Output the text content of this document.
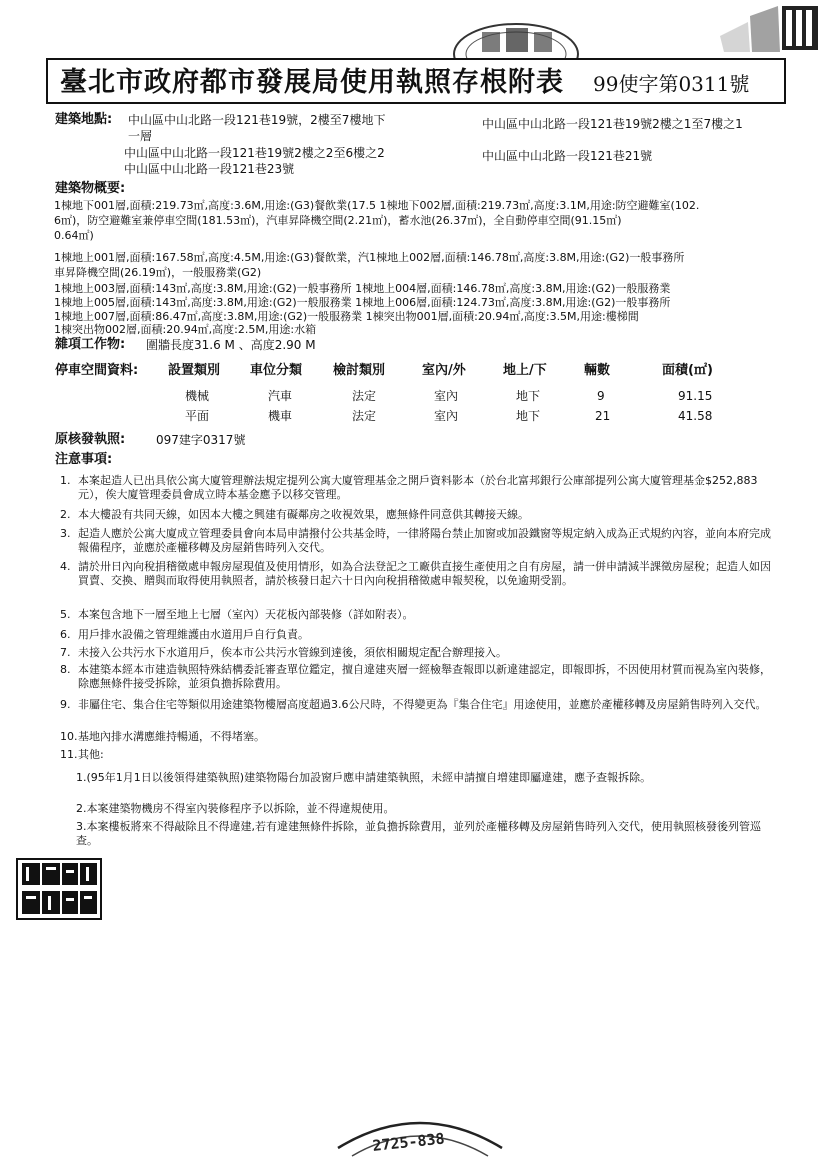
臺北市政府都市發展局使用執照存根附表 99使字第0311號
建築地點: 中山區中山北路一段121巷19號，2樓至7樓地下
一層
中山區中山北路一段121巷19號2樓之1至7樓之1
中山區中山北路一段121巷19號2樓之2至6樓之2	中山區中山北路一段121巷21號
中山區中山北路一段121巷23號
建築物概要:
1棟地下001層,面積:219.73㎡,高度:3.6M,用途:(G3)餐飲業(17.5 1棟地下002層,面積:219.73㎡,高度:3.1M,用途:防空避難室(102.
6㎡)，防空避難室兼停車空間(181.53㎡)，汽車昇降機空間(2.21㎡)，蓄水池(26.37㎡)，全自動停車空間(91.15㎡)
0.64㎡)
1棟地上001層,面積:167.58㎡,高度:4.5M,用途:(G3)餐飲業，汽1棟地上002層,面積:146.78㎡,高度:3.8M,用途:(G2)一般事務所
車昇降機空間(26.19㎡)，一般服務業(G2)
1棟地上003層,面積:143㎡,高度:3.8M,用途:(G2)一般事務所 1棟地上004層,面積:146.78㎡,高度:3.8M,用途:(G2)一般服務業
1棟地上005層,面積:143㎡,高度:3.8M,用途:(G2)一般服務業 1棟地上006層,面積:124.73㎡,高度:3.8M,用途:(G2)一般事務所
1棟地上007層,面積:86.47㎡,高度:3.8M,用途:(G2)一般服務業 1棟突出物001層,面積:20.94㎡,高度:3.5M,用途:樓梯間
1棟突出物002層,面積:20.94㎡,高度:2.5M,用途:水箱
雜項工作物: 圍牆長度31.6 M 、高度2.90 M
停車空間資料: 設置類別 車位分類 檢討類別	室內/外	地上/下	輛數	面積(㎡)
機械	汽車	法定	室內	地下	9	91.15
平面	機車	法定	室內	地下	21	41.58
原核發執照:	097建字0317號
注意事項:
1. 本案起造人已出具依公寓大廈管理辦法規定提列公寓大廈管理基金之開戶資料影本（於台北富邦銀行公庫部提列公寓大廈管理基金$252,883元），俟大廈管理委員會成立時本基金應予以移交管理。
2. 本大樓設有共同天線，如因本大樓之興建有礙鄰房之收視效果，應無條件同意供其轉接天線。
3. 起造人應於公寓大廈成立管理委員會向本局申請撥付公共基金時，一律將陽台禁止加窗或加設鐵窗等規定納入成為正式規約內容，並向本府完成報備程序，並應於產權移轉及房屋銷售時列入交代。
4. 請於卅日內向稅捐稽徵處申報房屋現值及使用情形，如為合法登記之工廠供直接生產使用之自有房屋，請一併申請減半課徵房屋稅；起造人如因買賣、交換、贈與而取得使用執照者，請於核發日起六十日內向稅捐稽徵處申報契稅，以免逾期受罰。
5. 本案包含地下一層至地上七層（室內）天花板內部裝修（詳如附表）。
6. 用戶排水設備之管理維護由水道用戶自行負責。
7. 未接入公共污水下水道用戶，俟本市公共污水管線到達後，須依相關規定配合辦理接入。
8. 本建築本經本市建造執照特殊結構委託審查單位鑑定，擅自違建夾層一經檢舉查報即以新違建認定，即報即拆，不因使用材質而視為室內裝修，除應無條件接受拆除，並須負擔拆除費用。
9. 非屬住宅、集合住宅等類似用途建築物樓層高度超過3.6公尺時，不得變更為『集合住宅』用途使用，並應於產權移轉及房屋銷售時列入交代。
10. 基地內排水溝應維持暢通，不得堵塞。
11. 其他:
1.(95年1月1日以後領得建築執照)建築物陽台加設窗戶應申請建築執照，未經申請擅自增建即屬違建，應予查報拆除。
2.本案建築物機房不得室內裝修程序予以拆除，並不得違規使用。
3.本案樓板將來不得敲除且不得違建,若有違建無條件拆除，並負擔拆除費用，並列於產權移轉及房屋銷售時列入交代，使用執照核發後列管巡查。
2725-838
